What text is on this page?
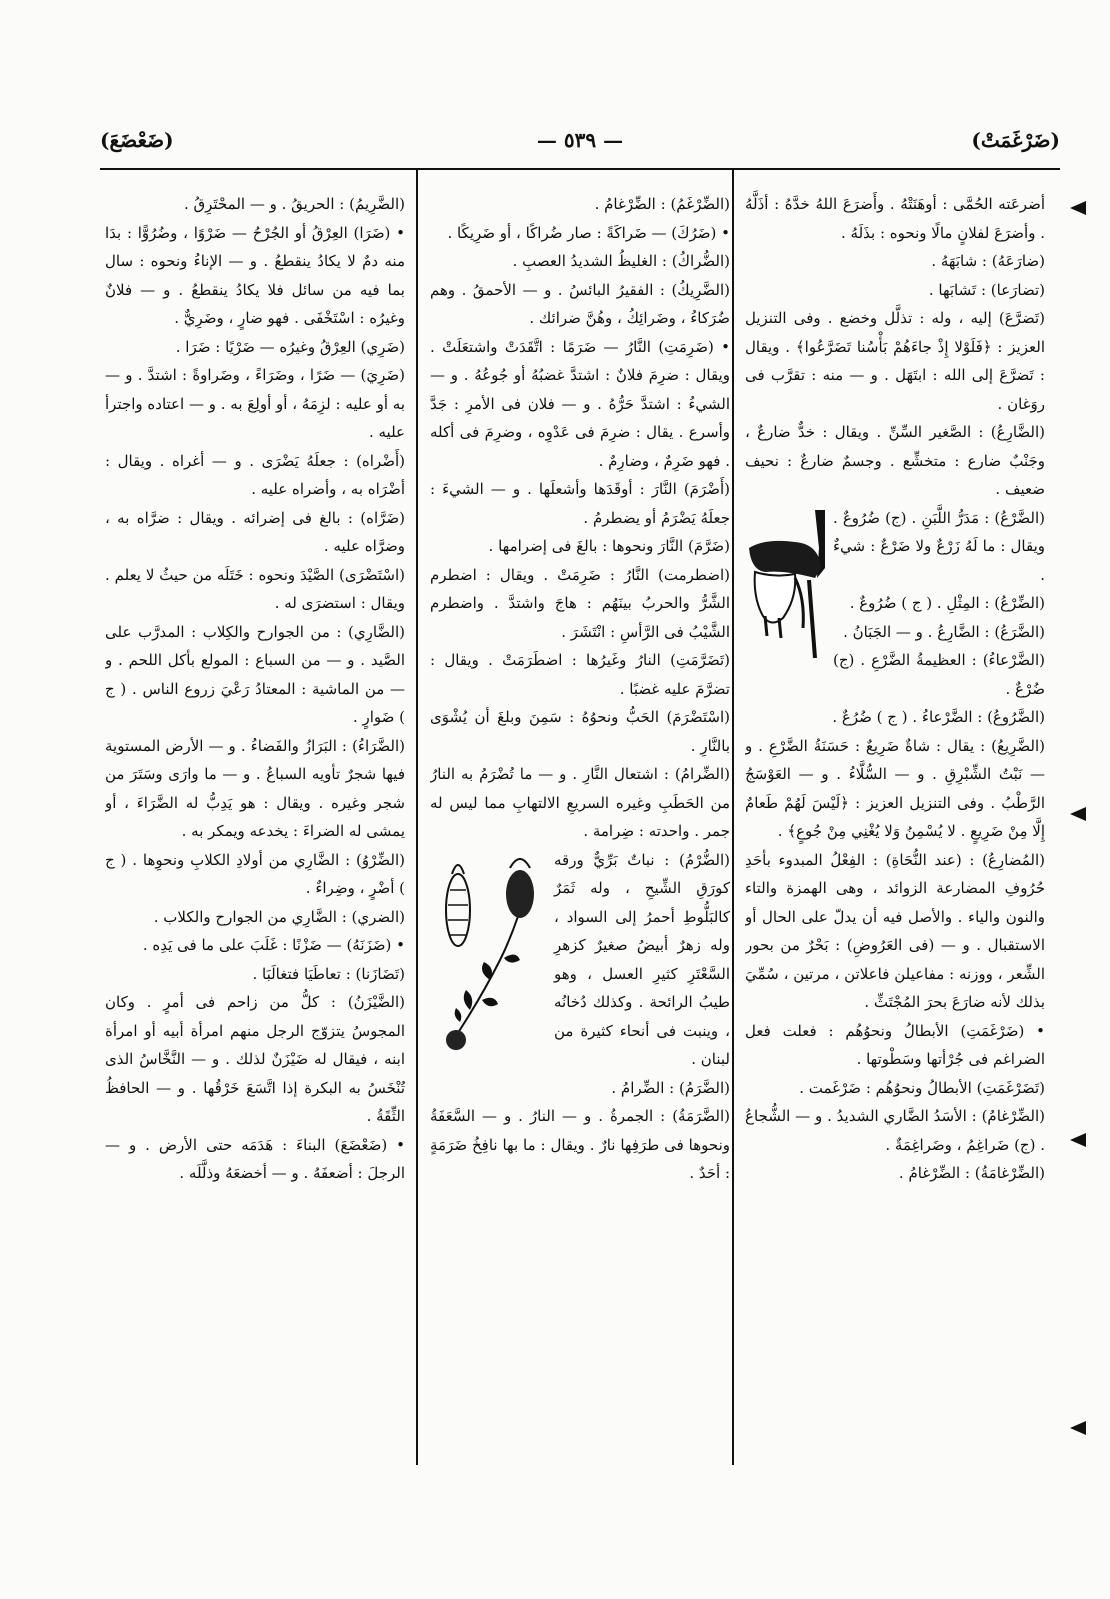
(ضَرْغَمَتْ)
— ٥٣٩ —
(ضَعْضَعَ)

أضرعَته الحُمَّى : أوهَنَتْهُ . وأَضرَعَ اللهُ خدَّهُ : أذَلَّهُ . وأضرَعَ لفلانٍ مالًا ونحوه : بذَلَهُ .

(ضارَعَهُ) : شابَهَهُ .

(تضارَعا) : تَشابَها .

(تَضرَّعَ) إليه ، وله : تذلَّل وخضع . وفى التنزيل العزيز : ﴿فَلَوْلا إِذْ جاءَهُمْ بَأْسُنا تَضَرَّعُوا﴾ . ويقال : تَضرَّعَ إلى الله : ابتَهَل . و — منه : تقرَّب فى روَغان .

(الضَّارِعُ) : الصَّغير السِّنِّ . ويقال : خدٌّ ضارعٌ ، وجَنْبٌ ضارع : متخشِّع . وجسمٌ ضارعٌ : نحيف ضعيف .

(الضَّرْعُ) : مَدَرُّ اللَّبَنِ . (ج) ضُرُوعٌ . ويقال : ما لَهُ زَرْعٌ ولا ضَرْعٌ : شيءٌ .

(الضِّرْعُ) : المِثْلِ . ( ج ) ضُرُوعٌ .

(الضَّرَعُ) : الضَّارِعُ . و — الجَبَانُ .

(الضَّرْعاءُ) : العظيمةُ الضَّرْعِ . (ج) ضُرْعٌ .

(الضَّرُوعُ) : الضَّرْعاءُ . ( ج ) ضُرُعٌ .

(الضَّرِيعُ) : يقال : شاةٌ ضَرِيعٌ : حَسَنَةُ الضَّرْعِ . و — نَبْتُ الشِّبْرِقِ . و — السُّلَّاءُ . و — العَوْسَجُ الرَّطْبُ . وفى التنزيل العزيز : ﴿لَيْسَ لَهُمْ طَعامٌ إِلَّا مِنْ ضَرِيعٍ . لا يُسْمِنُ وَلا يُغْنِي مِنْ جُوعٍ﴾ .

(المُضارِعُ) : (عند النُّحَاةِ) : الفِعْلُ المبدوء بأحَدِ حُرُوفِ المضارعة الزوائد ، وهى الهمزة والتاء والنون والياء . والأصل فيه أن يدلّ على الحال أو الاستقبال . و — (فى العَرُوضِ) : بَحْرٌ من بحور الشِّعر ، ووزنه : مفاعيلن فاعلاتن ، مرتين ، سُمِّيَ بذلك لأنه ضارَعَ بحرَ المُجْتَثِّ .

• (ضَرْغَمَتِ) الأبطالُ ونحوُهُم : فعلت فعل الضراغم فى جُرْأتها وسَطْوتها .

(تَضَرْغَمَتِ) الأبطالُ ونحوُهُم : ضَرْغَمت .

(الضِّرْغامُ) : الأسَدُ الضَّاري الشديدُ . و — الشُّجاعُ . (ج) ضَراغِمُ ، وضَراغِمَةٌ .

(الضِّرْغامَةُ) : الضِّرْغامُ .

(الضِّرْغَمُ) : الضِّرْغامُ .

• (ضَرُكَ) — ضَراكَةً : صار ضُراكًا ، أو ضَرِيكًا .

(الضُّراكُ) : الغليظُ الشديدُ العصبِ .

(الضَّرِيكُ) : الفقيرُ البائسُ . و — الأحمقُ . وهم ضُرَكاءُ ، وضَرائِكُ ، وهُنَّ ضرائك .

• (ضَرِمَتِ) النَّارُ — ضَرَمًا : اتَّقَدَتْ واشتعَلَتْ . ويقال : ضرِمَ فلانٌ : اشتدَّ غضبُهُ أو جُوعُهُ . و — الشيءُ : اشتدَّ حَرُّهُ . و — فلان فى الأمرِ : جَدَّ وأسرع . يقال : ضرِمَ فى عَدْوِه ، وضرِمَ فى أكله . فهو ضَرِمٌ ، وضارِمٌ .

(أَضْرَمَ) النَّارَ : أوقَدَها وأشعلَها . و — الشيءَ : جعلَهُ يَضْرَمُ أو يضطرمُ .

(ضَرَّمَ) النَّارَ ونحوها : بالغَ فى إضرامها .

(اضطرمت) النَّارُ : ضَرِمَتْ . ويقال : اضطرم الشَّرُّ والحربُ بينَهُم : هاجَ واشتدَّ . واضطرم الشَّيْبُ فى الرَّأسِ : انْتَشَرَ .

(تَضَرَّمَتِ) النارُ وغَيرُها : اضطَرَمَتْ . ويقال : تضرَّمَ عليه غضبًا .

(اسْتَضْرَمَ) الحَبُّ ونحوُهُ : سَمِنَ وبلغَ أن يُشْوَى بالنَّارِ .

(الضِّرامُ) : اشتعال النَّارِ . و — ما تُضْرَمُ به النارُ من الحَطَبِ وغيره السريعِ الالتهابِ مما ليس له جمر . واحدته : ضِرامة .

(الضُّرْمُ) : نباتٌ بَرِّيٌّ ورقه كورَقِ الشِّيحِ ، وله ثَمَرٌ كالبَلُّوطِ أحمرُ إلى السواد ، وله زهرٌ أبيضُ صغيرٌ كزهرِ السَّعْتَرِ كثيرِ العسل ، وهو طيبُ الرائحة . وكذلك دُخانُه ، وينبت فى أنحاء كثيرة من لبنان .

(الضَّرَمُ) : الضِّرامُ .

(الضَّرَمَةُ) : الجمرةُ . و — النارُ . و — السَّعَفَةُ ونحوها فى طرَفِها نارٌ . ويقال : ما بها نافِخُ ضَرَمَةٍ : أحَدٌ .

(الضَّرِيمُ) : الحريقُ . و — المحْتَرِقُ .

• (ضَرَا) العِرْقُ أو الجُرْحُ — ضَرْوًا ، وضُرُوًّا : بدَا منه دمٌ لا يكادُ ينقطعُ . و — الإناءُ ونحوه : سال بما فيه من سائل فلا يكادُ ينقطعُ . و — فلانٌ وغيرُه : اسْتَخْفَى . فهو ضارٍ ، وضَرِيٌّ .

(ضَرِي) العِرْقُ وغيرُه — ضَرْيًا : ضَرَا .

(ضَرِيَ) — ضَرًا ، وضَرَاءً ، وضَراوةً : اشتدَّ . و — به أو عليه : لزِمَهُ ، أو أولِعَ به . و — اعتاده واجترأ عليه .

(أَضْراه) : جعلَهُ يَضْرَى . و — أغراه . ويقال : أضْرَاه به ، وأضراه عليه .

(ضَرَّاه) : بالغ فى إضرائه . ويقال : ضرَّاه به ، وضرَّاه عليه .

(اسْتَضْرَى) الصَّيْدَ ونحوه : خَتَلَه من حيثُ لا يعلم . ويقال : استضرَى له .

(الضَّارِي) : من الجوارح والكِلاب : المدرَّب على الصَّيد . و — من السباع : المولع بأكل اللحم . و — من الماشية : المعتادُ رَعْيَ زروع الناس . ( ج ) ضَوارٍ .

(الضَّرَاءُ) : البَرَازُ والفَضاءُ . و — الأرض المستوية فيها شجرٌ تأويه السباعُ . و — ما وارَى وسَتَرَ من شجر وغيره . ويقال : هو يَدِبُّ له الضَّرَاءَ ، أو يمشى له الضراءَ : يخدعه ويمكر به .

(الضِّرْوُ) : الضَّارِي من أولادِ الكلابِ ونحوِها . ( ج ) أضْرٍ ، وضِراءٌ .

(الضري) : الضَّارِي من الجوارح والكلاب .

• (ضَزَنَهُ) — ضَزْنًا : غَلَبَ على ما فى يَدِه .

(تَضَازَنا) : تعاطَيَا فتغالَبَا .

(الضَّيْزَنُ) : كلُّ من زاحم فى أمرٍ . وكان المجوسُ يتزوّج الرجل منهم امرأة أبيه أو امرأة ابنه ، فيقال له ضَيْزَنٌ لذلك . و — النَّخَّاسُ الذى تُنْخَسُ به البكرة إذا اتَّسَعَ خَرْقُها . و — الحافظُ الثِّقَةُ .

• (ضَعْضَعَ) البناءَ : هَدَمَه حتى الأرض . و — الرجلَ : أضعفَهُ . و — أخضعَهُ وذلَّلَه .
